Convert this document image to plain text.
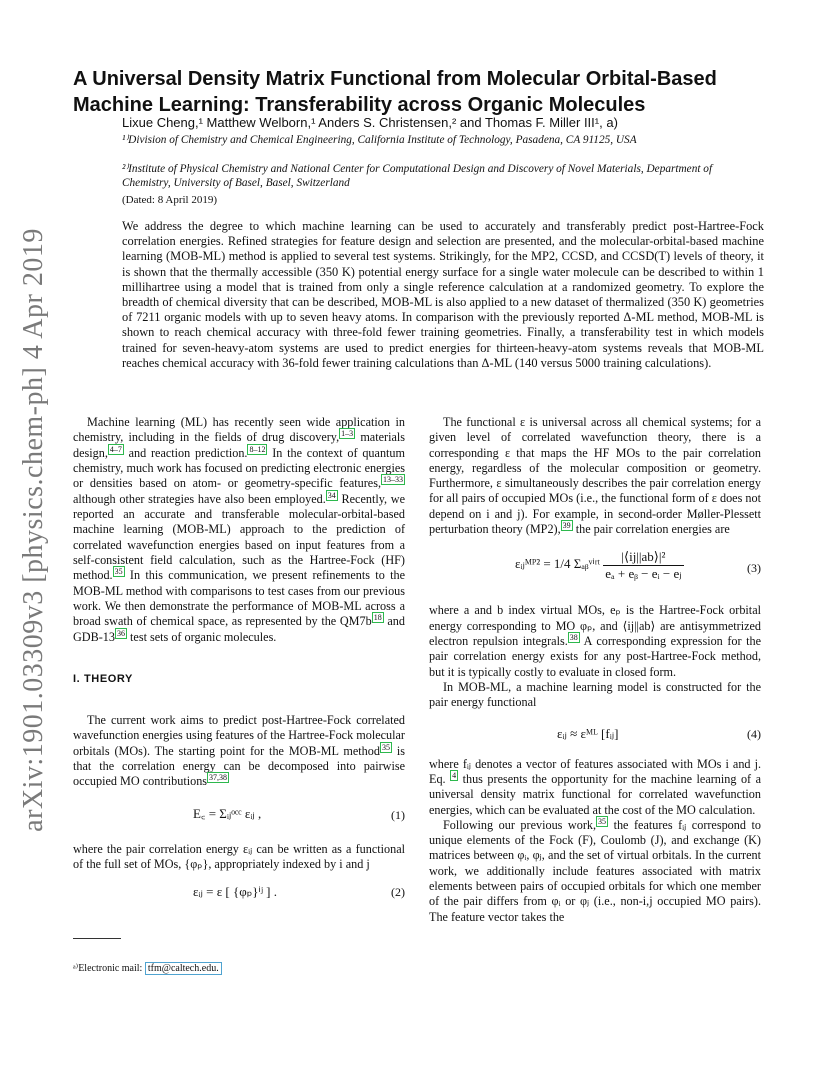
arXiv:1901.03309v3 [physics.chem-ph] 4 Apr 2019
A Universal Density Matrix Functional from Molecular Orbital-Based
Machine Learning: Transferability across Organic Molecules
Lixue Cheng,¹ Matthew Welborn,¹ Anders S. Christensen,² and Thomas F. Miller III¹, a)
¹⁾Division of Chemistry and Chemical Engineering, California Institute of Technology, Pasadena, CA 91125, USA
²⁾Institute of Physical Chemistry and National Center for Computational Design and Discovery of Novel Materials, Department of Chemistry, University of Basel, Basel, Switzerland
(Dated: 8 April 2019)
We address the degree to which machine learning can be used to accurately and transferably predict post-Hartree-Fock correlation energies. Refined strategies for feature design and selection are presented, and the molecular-orbital-based machine learning (MOB-ML) method is applied to several test systems. Strikingly, for the MP2, CCSD, and CCSD(T) levels of theory, it is shown that the thermally accessible (350 K) potential energy surface for a single water molecule can be described to within 1 millihartree using a model that is trained from only a single reference calculation at a randomized geometry. To explore the breadth of chemical diversity that can be described, MOB-ML is also applied to a new dataset of thermalized (350 K) geometries of 7211 organic models with up to seven heavy atoms. In comparison with the previously reported Δ-ML method, MOB-ML is shown to reach chemical accuracy with three-fold fewer training geometries. Finally, a transferability test in which models trained for seven-heavy-atom systems are used to predict energies for thirteen-heavy-atom systems reveals that MOB-ML reaches chemical accuracy with 36-fold fewer training calculations than Δ-ML (140 versus 5000 training calculations).

Machine learning (ML) has recently seen wide application in chemistry, including in the fields of drug discovery, $^{1-3}$ materials design, $^{4-7}$ and reaction prediction. $^{8-12}$ In the context of quantum chemistry, much work has focused on predicting electronic energies or densities based on atom- or geometry-specific features, $^{13-33}$ although other strategies have also been employed. $^{34}$ Recently, we reported an accurate and transferable molecular-orbital-based machine learning (MOB-ML) approach to the prediction of correlated wavefunction energies based on input features from a self-consistent field calculation, such as the Hartree-Fock (HF) method. $^{35}$ In this communication, we present refinements to the MOB-ML method with comparisons to test cases from our previous work. We then demonstrate the performance of MOB-ML across a broad swath of chemical space, as represented by the QM7b $^{18}$ and GDB-13 $^{36}$ test sets of organic molecules.

I. THEORY

The current work aims to predict post-Hartree-Fock correlated wavefunction energies using features of the Hartree-Fock molecular orbitals (MOs). The starting point for the MOB-ML method $^{35}$ is that the correlation energy can be decomposed into pairwise occupied MO contributions $^{37,38}$

E꜀ = Σᵢⱼᵒᶜᶜ εᵢⱼ ,	(1)

where the pair correlation energy εᵢⱼ can be written as a functional of the full set of MOs, {φₚ}, appropriately indexed by i and j

εᵢⱼ = ε [ {φₚ}ⁱʲ ] .	(2)
ᵃ⁾Electronic mail: tfm@caltech.edu.

The functional ε is universal across all chemical systems; for a given level of correlated wavefunction theory, there is a corresponding ε that maps the HF MOs to the pair correlation energy, regardless of the molecular composition or geometry. Furthermore, ε simultaneously describes the pair correlation energy for all pairs of occupied MOs (i.e., the functional form of ε does not depend on i and j). For example, in second-order Møller-Plessett perturbation theory (MP2), $^{39}$ the pair correlation energies are

εᵢⱼᴹᴾ² = 1/4 Σₐᵦᵛⁱʳᵗ $\frac{\text{|⟨ij||ab⟩|²}}{\text{eₐ + eᵦ − eᵢ − eⱼ}}$	(3)

where a and b index virtual MOs, eₚ is the Hartree-Fock orbital energy corresponding to MO φₚ, and ⟨ij||ab⟩ are antisymmetrized electron repulsion integrals. $^{38}$ A corresponding expression for the pair correlation energy exists for any post-Hartree-Fock method, but it is typically costly to evaluate in closed form.

In MOB-ML, a machine learning model is constructed for the pair energy functional

εᵢⱼ ≈ εᴹᴸ [fᵢⱼ]	(4)

where fᵢⱼ denotes a vector of features associated with MOs i and j. Eq. $^4$ thus presents the opportunity for the machine learning of a universal density matrix functional for correlated wavefunction energies, which can be evaluated at the cost of the MO calculation.

Following our previous work, $^{35}$ the features fᵢⱼ correspond to unique elements of the Fock (F), Coulomb (J), and exchange (K) matrices between φᵢ, φⱼ, and the set of virtual orbitals. In the current work, we additionally include features associated with matrix elements between pairs of occupied orbitals for which one member of the pair differs from φᵢ or φⱼ (i.e., non-i,j occupied MO pairs). The feature vector takes the
